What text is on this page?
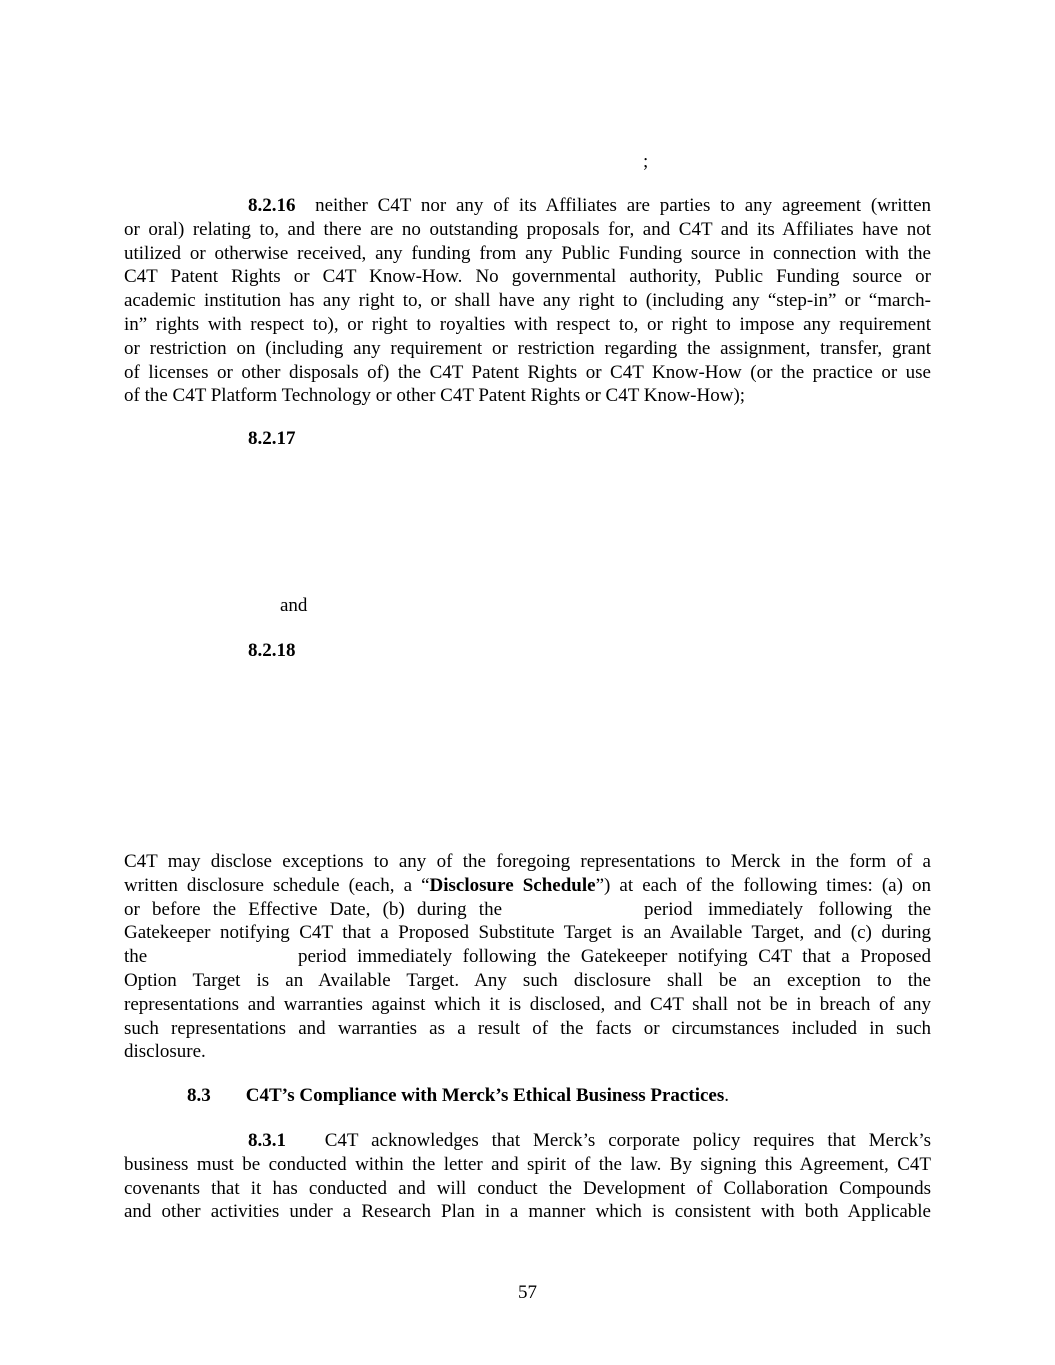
;
8.2.16 neither C4T nor any of its Affiliates are parties to any agreement (written
or oral) relating to, and there are no outstanding proposals for, and C4T and its Affiliates have not
utilized or otherwise received, any funding from any Public Funding source in connection with the
C4T Patent Rights or C4T Know-How. No governmental authority, Public Funding source or
academic institution has any right to, or shall have any right to (including any “step-in” or “march-
in” rights with respect to), or right to royalties with respect to, or right to impose any requirement
or restriction on (including any requirement or restriction regarding the assignment, transfer, grant
of licenses or other disposals of) the C4T Patent Rights or C4T Know-How (or the practice or use
of the C4T Platform Technology or other C4T Patent Rights or C4T Know-How);
8.2.17
and
8.2.18
C4T may disclose exceptions to any of the foregoing representations to Merck in the form of a
written disclosure schedule (each, a “Disclosure Schedule”) at each of the following times: (a) on
or before the Effective Date, (b) during the	period immediately following the
Gatekeeper notifying C4T that a Proposed Substitute Target is an Available Target, and (c) during
the	period immediately following the Gatekeeper notifying C4T that a Proposed
Option Target is an Available Target. Any such disclosure shall be an exception to the
representations and warranties against which it is disclosed, and C4T shall not be in breach of any
such representations and warranties as a result of the facts or circumstances included in such
disclosure.
8.3 C4T’s Compliance with Merck’s Ethical Business Practices.
8.3.1 C4T acknowledges that Merck’s corporate policy requires that Merck’s
business must be conducted within the letter and spirit of the law. By signing this Agreement, C4T
covenants that it has conducted and will conduct the Development of Collaboration Compounds
and other activities under a Research Plan in a manner which is consistent with both Applicable
57
